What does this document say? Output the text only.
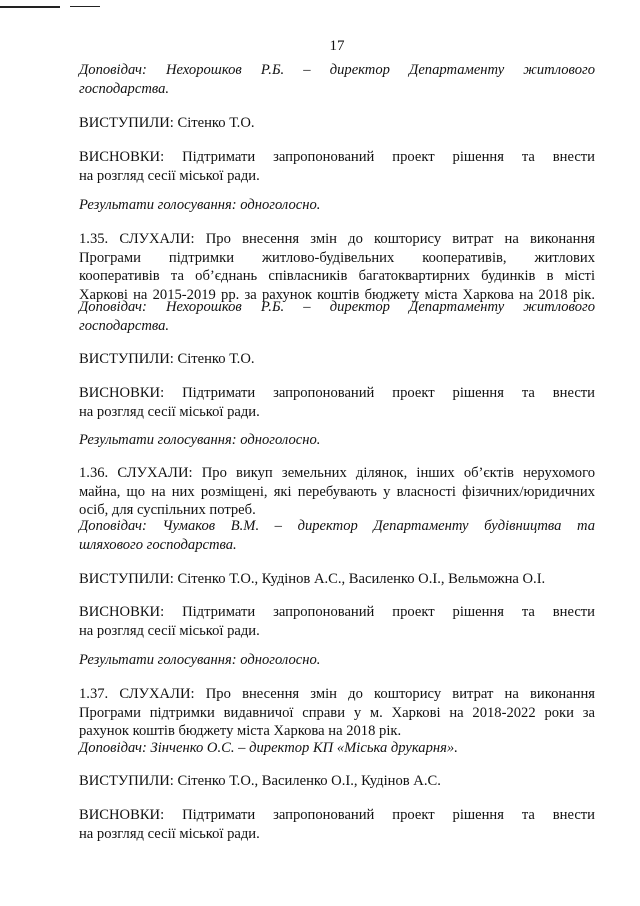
17
Доповідач: Нехорошков Р.Б. – директор Департаменту житлового
господарства.
ВИСТУПИЛИ: Сітенко Т.О.
ВИСНОВКИ: Підтримати запропонований проект рішення та внести
на розгляд сесії міської ради.
Результати голосування: одноголосно.
1.35. СЛУХАЛИ: Про внесення змін до кошторису витрат на виконання
Програми підтримки житлово-будівельних кооперативів, житлових
кооперативів та об’єднань співласників багатоквартирних будинків в місті
Харкові на 2015-2019 рр. за рахунок коштів бюджету міста Харкова на 2018 рік.
Доповідач: Нехорошков Р.Б. – директор Департаменту житлового
господарства.
ВИСТУПИЛИ: Сітенко Т.О.
ВИСНОВКИ: Підтримати запропонований проект рішення та внести
на розгляд сесії міської ради.
Результати голосування: одноголосно.
1.36. СЛУХАЛИ: Про викуп земельних ділянок, інших об’єктів нерухомого
майна, що на них розміщені, які перебувають у власності фізичних/юридичних
осіб, для суспільних потреб.
Доповідач: Чумаков В.М. – директор Департаменту будівництва та
шляхового господарства.
ВИСТУПИЛИ: Сітенко Т.О., Кудінов А.С., Василенко О.І., Вельможна О.І.
ВИСНОВКИ: Підтримати запропонований проект рішення та внести
на розгляд сесії міської ради.
Результати голосування: одноголосно.
1.37. СЛУХАЛИ: Про внесення змін до кошторису витрат на виконання
Програми підтримки видавничої справи у м. Харкові на 2018-2022 роки за
рахунок коштів бюджету міста Харкова на 2018 рік.
Доповідач: Зінченко О.С. – директор КП «Міська друкарня».
ВИСТУПИЛИ: Сітенко Т.О., Василенко О.І., Кудінов А.С.
ВИСНОВКИ: Підтримати запропонований проект рішення та внести
на розгляд сесії міської ради.
